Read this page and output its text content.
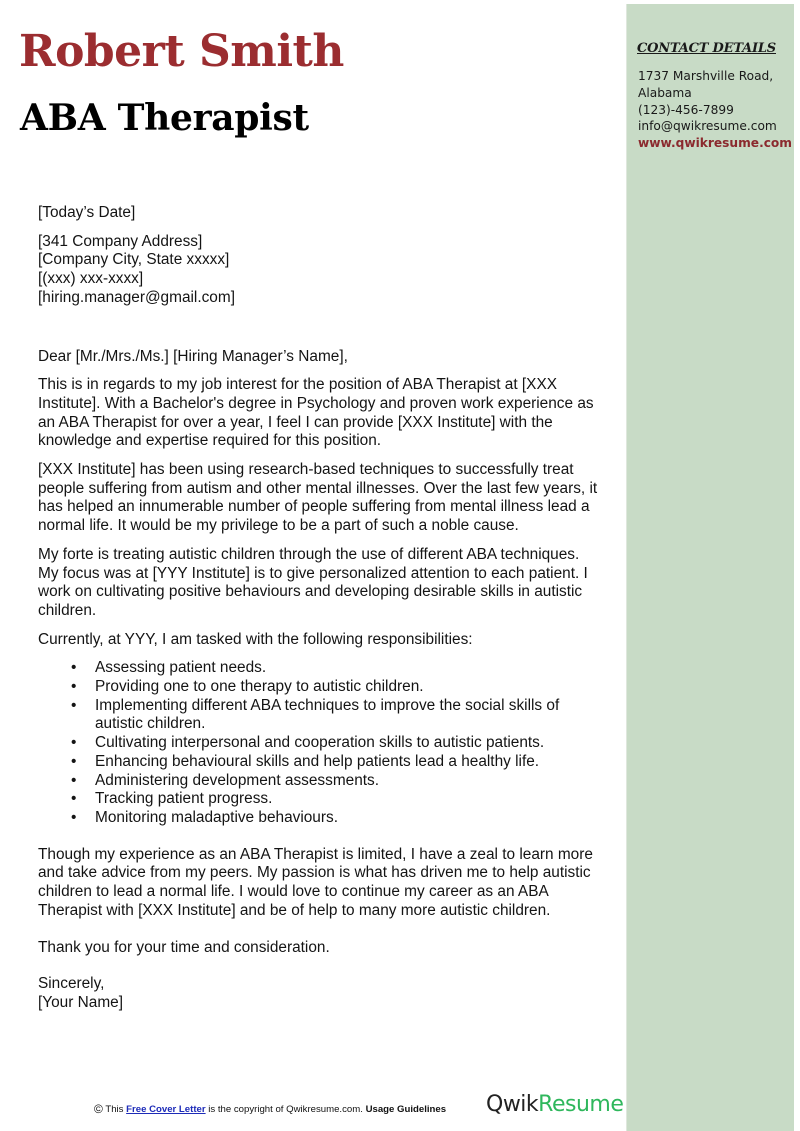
CONTACT DETAILS
1737 Marshville Road,
Alabama
(123)-456-7899
info@qwikresume.com
www.qwikresume.com
Robert Smith
ABA Therapist

[Today’s Date]

[341 Company Address]

[Company City, State xxxxx]

[(xxx) xxx-xxxx]

[hiring.manager@gmail.com]

Dear [Mr./Mrs./Ms.] [Hiring Manager’s Name],

This is in regards to my job interest for the position of ABA Therapist at [XXX Institute]. With a Bachelor's degree in Psychology and proven work experience as an ABA Therapist for over a year, I feel I can provide [XXX Institute] with the knowledge and expertise required for this position.

[XXX Institute] has been using research-based techniques to successfully treat people suffering from autism and other mental illnesses. Over the last few years, it has helped an innumerable number of people suffering from mental illness lead a normal life. It would be my privilege to be a part of such a noble cause.

My forte is treating autistic children through the use of different ABA techniques. My focus was at [YYY Institute] is to give personalized attention to each patient. I work on cultivating positive behaviours and developing desirable skills in autistic children.

Currently, at YYY, I am tasked with the following responsibilities:

• Assessing patient needs.
• Providing one to one therapy to autistic children.
• Implementing different ABA techniques to improve the social skills of autistic children.
• Cultivating interpersonal and cooperation skills to autistic patients.
• Enhancing behavioural skills and help patients lead a healthy life.
• Administering development assessments.
• Tracking patient progress.
• Monitoring maladaptive behaviours.

Though my experience as an ABA Therapist is limited, I have a zeal to learn more and take advice from my peers. My passion is what has driven me to help autistic children to lead a normal life. I would love to continue my career as an ABA Therapist with [XXX Institute] and be of help to many more autistic children.

Thank you for your time and consideration.

Sincerely,

[Your Name]

© This Free Cover Letter is the copyright of Qwikresume.com. Usage Guidelines QwikResume
